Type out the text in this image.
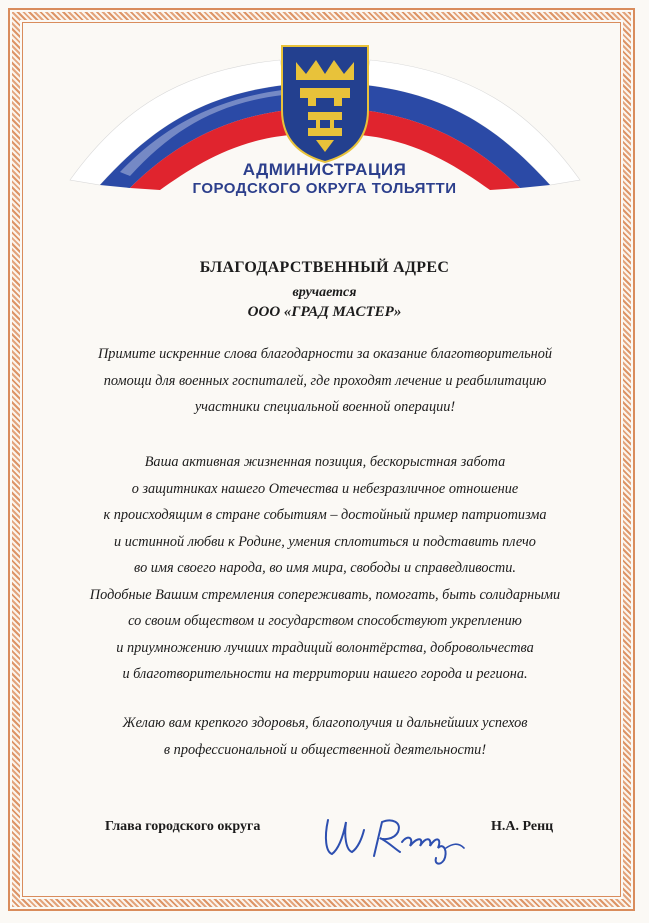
АДМИНИСТРАЦИЯ
ГОРОДСКОГО ОКРУГА ТОЛЬЯТТИ
БЛАГОДАРСТВЕННЫЙ АДРЕС
вручается
ООО «ГРАД МАСТЕР»
Примите искренние слова благодарности за оказание благотворительной
помощи для военных госпиталей, где проходят лечение и реабилитацию
участники специальной военной операции!
Ваша активная жизненная позиция, бескорыстная забота
о защитниках нашего Отечества и небезразличное отношение
к происходящим в стране событиям – достойный пример патриотизма
и истинной любви к Родине, умения сплотиться и подставить плечо
во имя своего народа, во имя мира, свободы и справедливости.
Подобные Вашим стремления сопереживать, помогать, быть солидарными
со своим обществом и государством способствуют укреплению
и приумножению лучших традиций волонтёрства, добровольчества
и благотворительности на территории нашего города и региона.
Желаю вам крепкого здоровья, благополучия и дальнейших успехов
в профессиональной и общественной деятельности!
Глава городского округа	Н.А. Ренц
